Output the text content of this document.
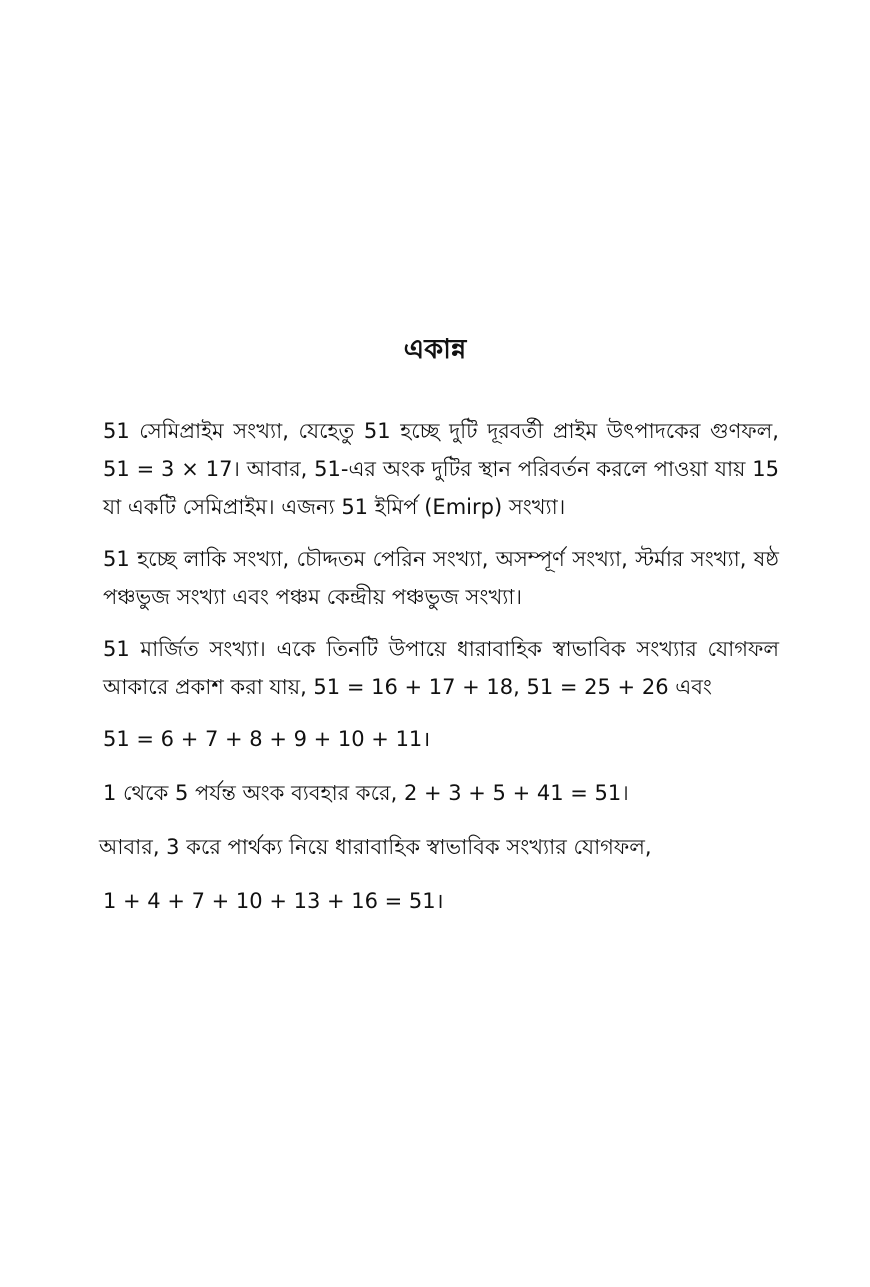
একান্ন

51 সেমিপ্রাইম সংখ্যা, যেহেতু 51 হচ্ছে দুটি দূরবর্তী প্রাইম উৎপাদকের গুণফল, 51 = 3 × 17। আবার, 51-এর অংক দুটির স্থান পরিবর্তন করলে পাওয়া যায় 15 যা একটি সেমিপ্রাইম। এজন্য 51 ইমির্প (Emirp) সংখ্যা।

51 হচ্ছে লাকি সংখ্যা, চৌদ্দতম পেরিন সংখ্যা, অসম্পূর্ণ সংখ্যা, স্টর্মার সংখ্যা, ষষ্ঠ পঞ্চভুজ সংখ্যা এবং পঞ্চম কেন্দ্রীয় পঞ্চভুজ সংখ্যা।

51 মার্জিত সংখ্যা। একে তিনটি উপায়ে ধারাবাহিক স্বাভাবিক সংখ্যার যোগফল আকারে প্রকাশ করা যায়, 51 = 16 + 17 + 18, 51 = 25 + 26 এবং

51 = 6 + 7 + 8 + 9 + 10 + 11।

1 থেকে 5 পর্যন্ত অংক ব্যবহার করে, 2 + 3 + 5 + 41 = 51।

আবার, 3 করে পার্থক্য নিয়ে ধারাবাহিক স্বাভাবিক সংখ্যার যোগফল,

1 + 4 + 7 + 10 + 13 + 16 = 51।
